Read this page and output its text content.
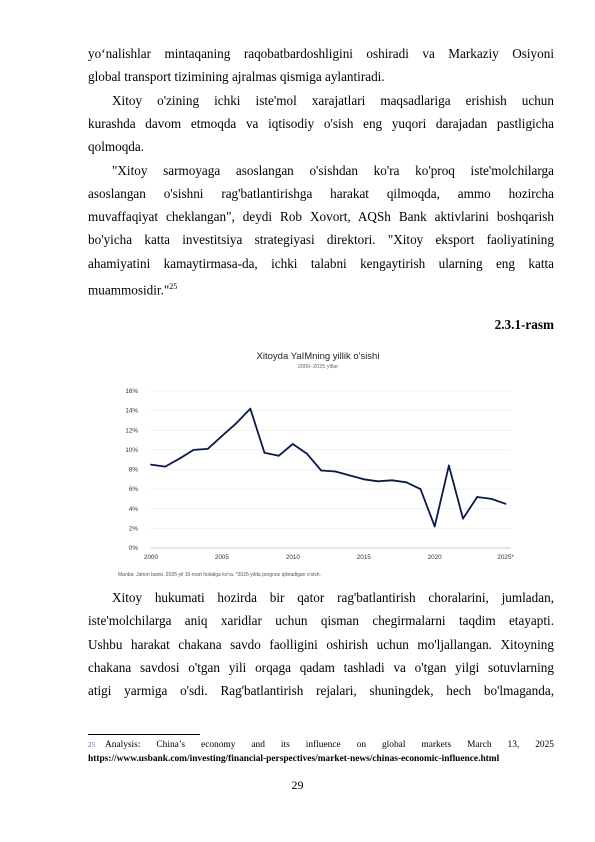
yo‘nalishlar mintaqaning raqobatbardoshligini oshiradi va Markaziy Osiyoni
global transport tizimining ajralmas qismiga aylantiradi.
Xitoy o'zining ichki iste'mol xarajatlari maqsadlariga erishish uchun
kurashda davom etmoqda va iqtisodiy o'sish eng yuqori darajadan pastligicha
qolmoqda.
"Xitoy sarmoyaga asoslangan o'sishdan ko'ra ko'proq iste'molchilarga
asoslangan o'sishni rag'batlantirishga harakat qilmoqda, ammo hozircha
muvaffaqiyat cheklangan", deydi Rob Xovort, AQSh Bank aktivlarini boshqarish
bo'yicha katta investitsiya strategiyasi direktori. "Xitoy eksport faoliyatining
ahamiyatini kamaytirmasa-da, ichki talabni kengaytirish ularning eng katta
muammosidir."$^{25}$
2.3.1-rasm
Xitoy hukumati hozirda bir qator rag'batlantirish choralarini, jumladan,
iste'molchilarga aniq xaridlar uchun qisman chegirmalarni taqdim etayapti.
Ushbu harakat chakana savdo faolligini oshirish uchun mo'ljallangan. Xitoyning
chakana savdosi o'tgan yili orqaga qadam tashladi va o'tgan yilgi sotuvlarning
atigi yarmiga o'sdi. Rag'batlantirish rejalari, shuningdek, hech bo'lmaganda,
Xitoyda YaIMning yillik o'sishi
2000–2025 yillar
0%
2%
4%
6%
8%
10%
12%
14%
16%
2000	2005	2010	2015	2020	2025*
Manba: Jahon banki. 2025-yil 10-mart holatiga ko'ra. *2025-yilda prognoz qilinadigan o'sish.
$^{25}$ Analysis: China’s economy and its influence on global markets March 13, 2025
https://www.usbank.com/investing/financial-perspectives/market-news/chinas-economic-influence.html
29
